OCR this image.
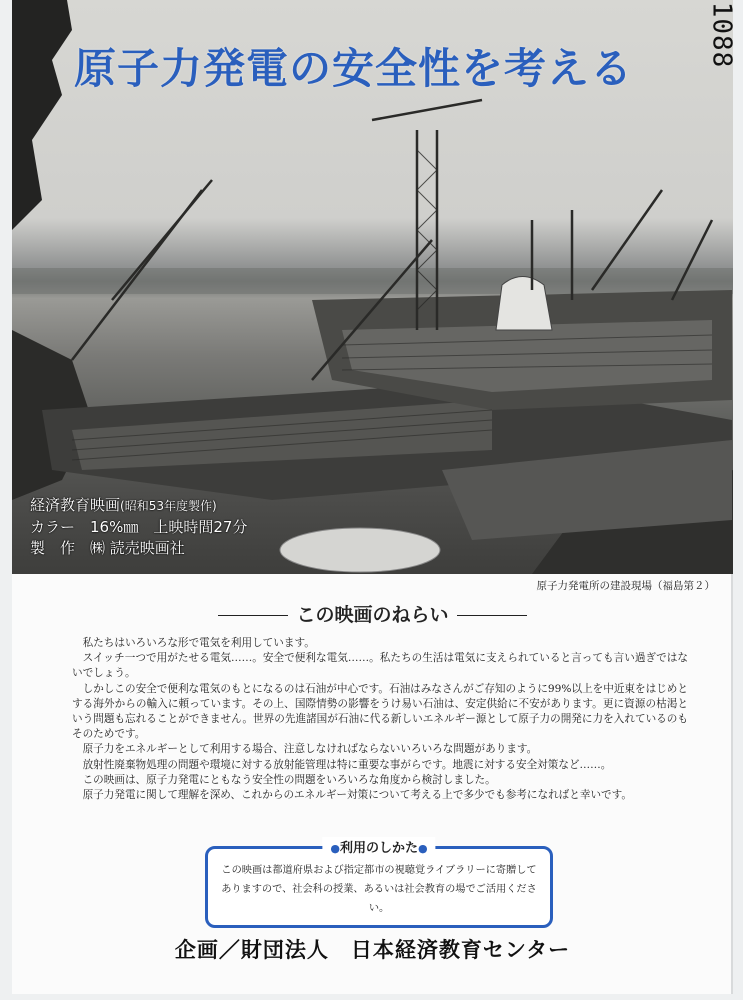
原子力発電の安全性を考える
1088
経済教育映画(昭和53年度製作)
カラー　16%㎜　上映時間27分
製　作　㈱ 読売映画社
原子力発電所の建設現場（福島第２）
この映画のねらい

私たちはいろいろな形で電気を利用しています。

スイッチ一つで用がたせる電気……。安全で便利な電気……。私たちの生活は電気に支えられていると言っても言い過ぎではないでしょう。

しかしこの安全で便利な電気のもとになるのは石油が中心です。石油はみなさんがご存知のように99%以上を中近東をはじめとする海外からの輸入に頼っています。その上、国際情勢の影響をうけ易い石油は、安定供給に不安があります。更に資源の枯渇という問題も忘れることができません。世界の先進諸国が石油に代る新しいエネルギー源として原子力の開発に力を入れているのもそのためです。

原子力をエネルギーとして利用する場合、注意しなければならないいろいろな問題があります。

放射性廃棄物処理の問題や環境に対する放射能管理は特に重要な事がらです。地震に対する安全対策など……。

この映画は、原子力発電にともなう安全性の問題をいろいろな角度から検討しました。

原子力発電に関して理解を深め、これからのエネルギー対策について考える上で多少でも参考になればと幸いです。

●利用のしかた●
この映画は都道府県および指定都市の視聴覚ライブラリーに寄贈してありますので、社会科の授業、あるいは社会教育の場でご活用ください。
企画／財団法人　日本経済教育センター
